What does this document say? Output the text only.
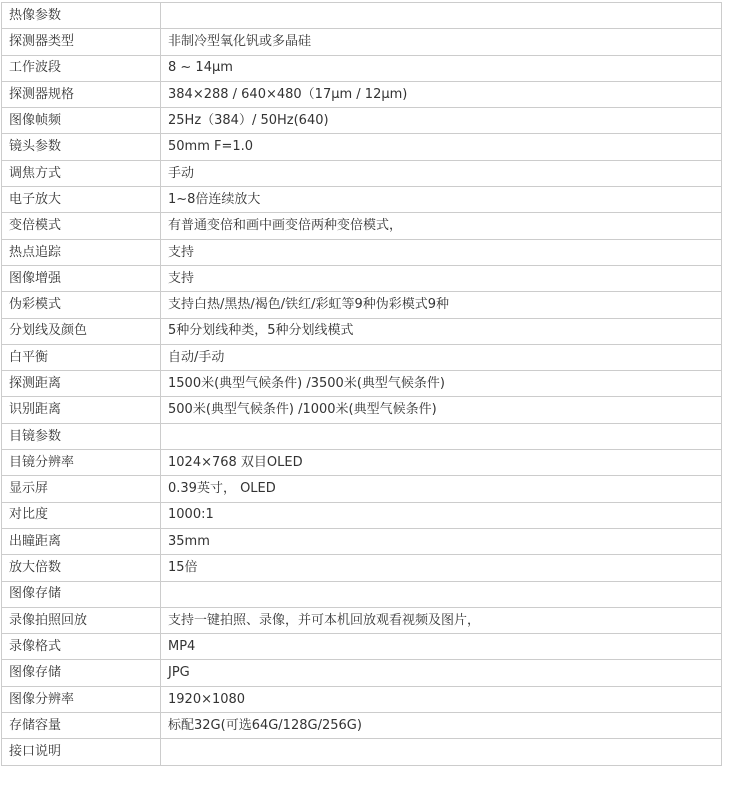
热像参数	
探测器类型	非制冷型氧化钒或多晶硅
工作波段	8 ~ 14μm
探测器规格	384×288 / 640×480（17μm / 12μm)
图像帧频	25Hz（384）/ 50Hz(640)
镜头参数	50mm F=1.0
调焦方式	手动
电子放大	1~8倍连续放大
变倍模式	有普通变倍和画中画变倍两种变倍模式，
热点追踪	支持
图像增强	支持
伪彩模式	支持白热/黑热/褐色/铁红/彩虹等9种伪彩模式9种
分划线及颜色	5种分划线种类，5种分划线模式
白平衡	自动/手动
探测距离	1500米(典型气候条件) /3500米(典型气候条件)
识别距离	500米(典型气候条件) /1000米(典型气候条件)
目镜参数	
目镜分辨率	1024×768 双目OLED
显示屏	0.39英寸， OLED
对比度	1000:1
出瞳距离	35mm
放大倍数	15倍
图像存储	
录像拍照回放	支持一键拍照、录像，并可本机回放观看视频及图片，
录像格式	MP4
图像存储	JPG
图像分辨率	1920×1080
存储容量	标配32G(可选64G/128G/256G)
接口说明	
